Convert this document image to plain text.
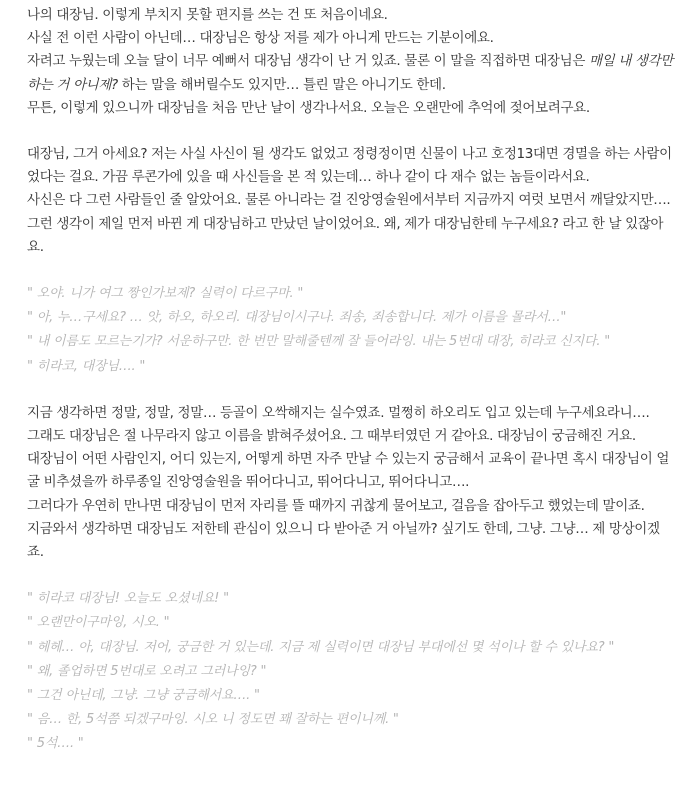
나의 대장님. 이렇게 부치지 못할 편지를 쓰는 건 또 처음이네요.

사실 전 이런 사람이 아닌데… 대장님은 항상 저를 제가 아니게 만드는 기분이에요.

자려고 누웠는데 오늘 달이 너무 예뻐서 대장님 생각이 난 거 있죠. 물론 이 말을 직접하면 대장님은 매일 내 생각만

하는 거 아니제? 하는 말을 해버릴수도 있지만… 틀린 말은 아니기도 한데.

무튼, 이렇게 있으니까 대장님을 처음 만난 날이 생각나서요. 오늘은 오랜만에 추억에 젖어보려구요.

대장님, 그거 아세요? 저는 사실 사신이 될 생각도 없었고 정령정이면 신물이 나고 호정13대면 경멸을 하는 사람이

었다는 걸요. 가끔 루콘가에 있을 때 사신들을 본 적 있는데… 하나 같이 다 재수 없는 놈들이라서요.

사신은 다 그런 사람들인 줄 알았어요. 물론 아니라는 걸 진앙영술원에서부터 지금까지 여럿 보면서 깨달았지만….

그런 생각이 제일 먼저 바뀐 게 대장님하고 만났던 날이었어요. 왜, 제가 대장님한테 누구세요? 라고 한 날 있잖아

요.

" 오야. 니가 여그 짱인가보제? 실력이 다르구마. "

" 아, 누…구세요? … 앗, 하오, 하오리. 대장님이시구나. 죄송, 죄송합니다. 제가 이름을 몰라서…"

" 내 이름도 모르는기가? 서운하구만. 한 번만 말해줄텐께 잘 들어라잉. 내는 5번대 대장, 히라코 신지다. "

" 히라코, 대장님…. "

지금 생각하면 정말, 정말, 정말… 등골이 오싹해지는 실수였죠. 멀쩡히 하오리도 입고 있는데 누구세요라니….

그래도 대장님은 절 나무라지 않고 이름을 밝혀주셨어요. 그 때부터였던 거 같아요. 대장님이 궁금해진 거요.

대장님이 어떤 사람인지, 어디 있는지, 어떻게 하면 자주 만날 수 있는지 궁금해서 교육이 끝나면 혹시 대장님이 얼

굴 비추셨을까 하루종일 진앙영술원을 뛰어다니고, 뛰어다니고, 뛰어다니고….

그러다가 우연히 만나면 대장님이 먼저 자리를 뜰 때까지 귀찮게 물어보고, 걸음을 잡아두고 했었는데 말이죠.

지금와서 생각하면 대장님도 저한테 관심이 있으니 다 받아준 거 아닐까? 싶기도 한데, 그냥. 그냥… 제 망상이겠

죠.

" 히라코 대장님! 오늘도 오셨네요! "

" 오랜만이구마잉, 시오. "

" 헤헤… 아, 대장님. 저어, 궁금한 거 있는데. 지금 제 실력이면 대장님 부대에선 몇 석이나 할 수 있나요? "

" 왜, 졸업하면 5번대로 오려고 그러나잉? "

" 그건 아닌데, 그냥. 그냥 궁금해서요…. "

" 음… 한, 5석쯤 되겠구마잉. 시오 니 정도면 꽤 잘하는 편이니께. "

" 5석…. "
